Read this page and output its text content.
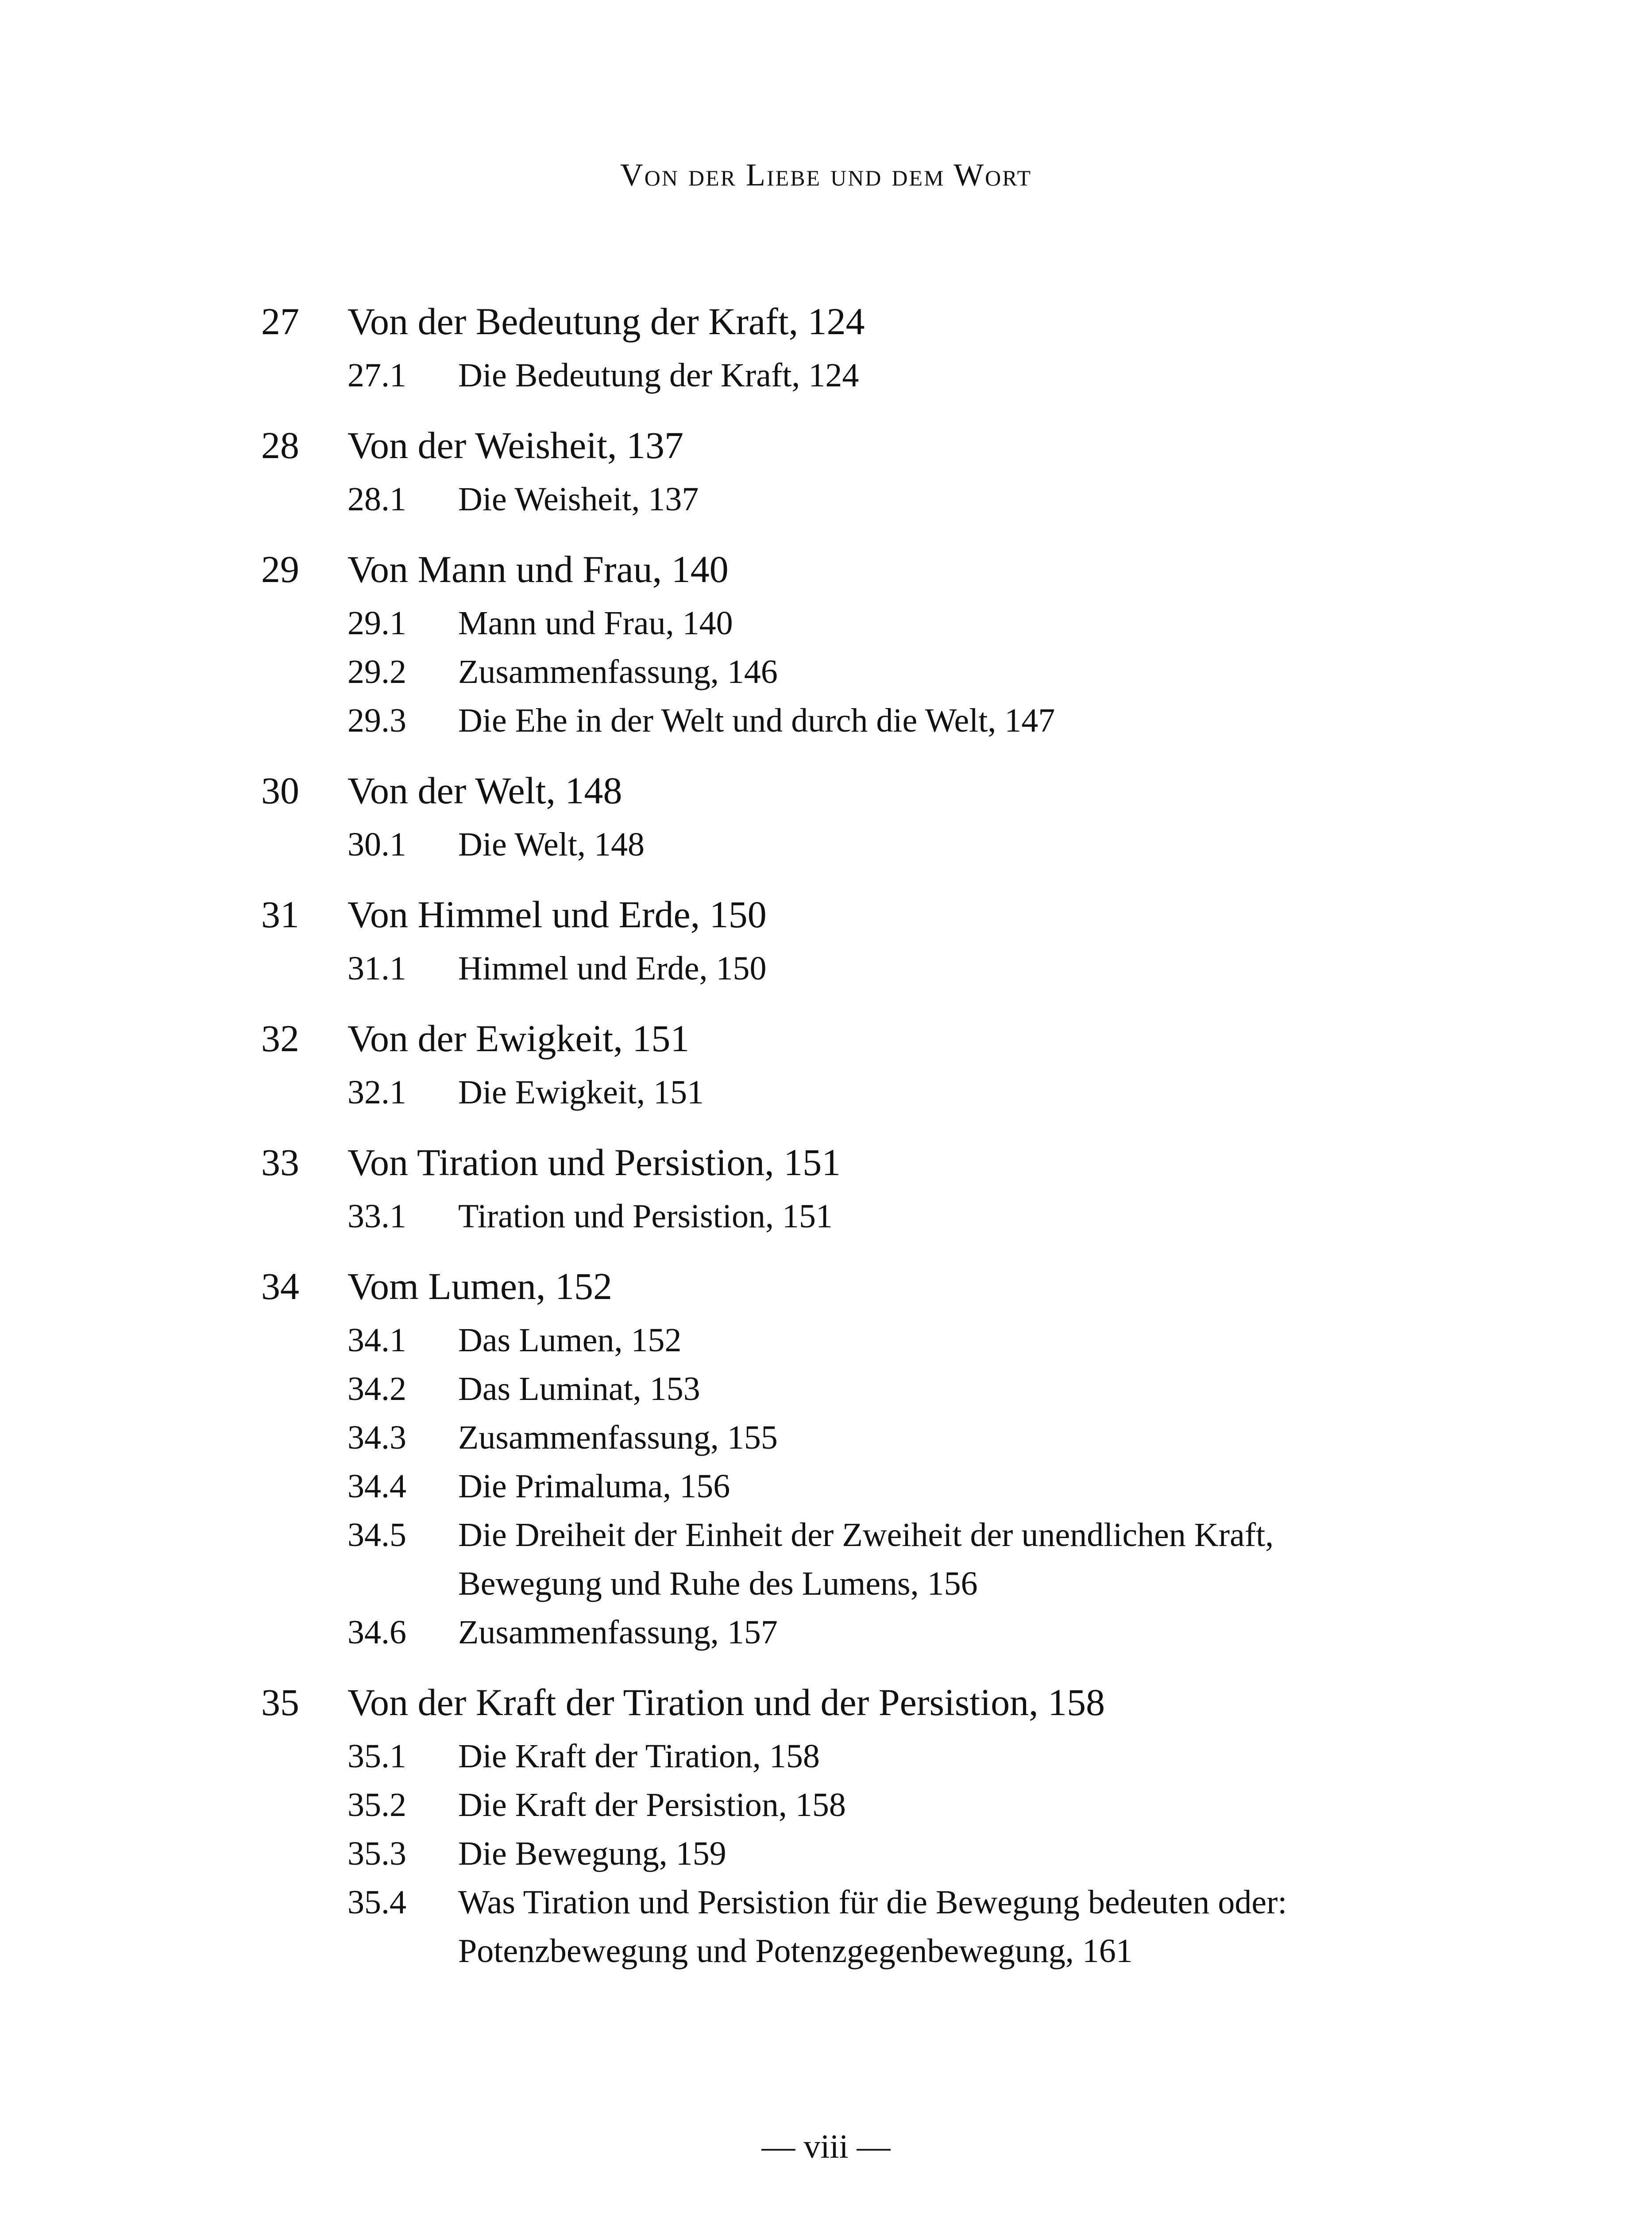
Von der Liebe und dem Wort
27	Von der Bedeutung der Kraft, 124
27.1	Die Bedeutung der Kraft, 124
28	Von der Weisheit, 137
28.1	Die Weisheit, 137
29	Von Mann und Frau, 140
29.1	Mann und Frau, 140
29.2	Zusammenfassung, 146
29.3	Die Ehe in der Welt und durch die Welt, 147
30	Von der Welt, 148
30.1	Die Welt, 148
31	Von Himmel und Erde, 150
31.1	Himmel und Erde, 150
32	Von der Ewigkeit, 151
32.1	Die Ewigkeit, 151
33	Von Tiration und Persistion, 151
33.1	Tiration und Persistion, 151
34	Vom Lumen, 152
34.1	Das Lumen, 152
34.2	Das Luminat, 153
34.3	Zusammenfassung, 155
34.4	Die Primaluma, 156
34.5	Die Dreiheit der Einheit der Zweiheit der unendlichen Kraft, Bewegung und Ruhe des Lumens, 156
34.6	Zusammenfassung, 157
35	Von der Kraft der Tiration und der Persistion, 158
35.1	Die Kraft der Tiration, 158
35.2	Die Kraft der Persistion, 158
35.3	Die Bewegung, 159
35.4	Was Tiration und Persistion für die Bewegung bedeuten oder: Potenzbewegung und Potenzgegenbewegung, 161
— viii —
